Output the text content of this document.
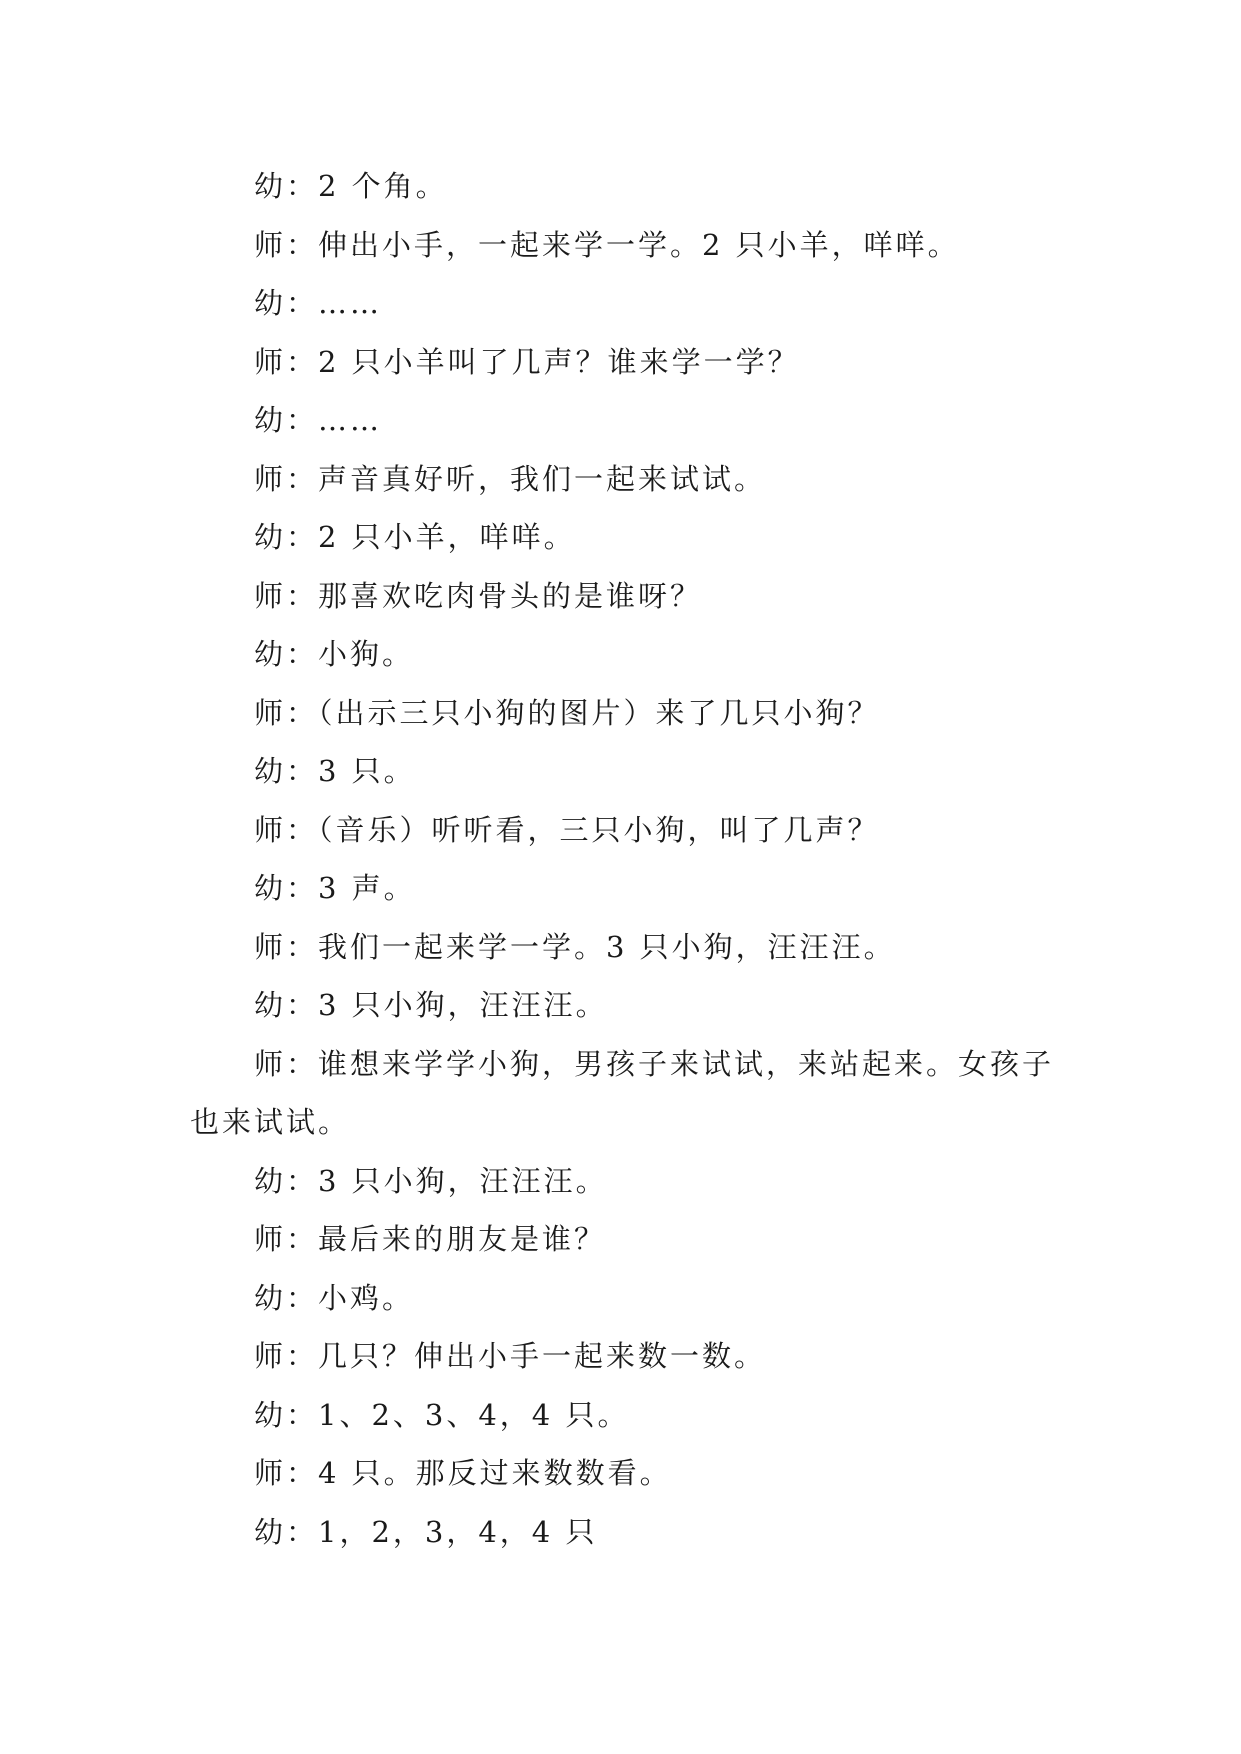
幼：2 个角。

师：伸出小手，一起来学一学。2 只小羊，咩咩。

幼：……

师：2 只小羊叫了几声？谁来学一学？

幼：……

师：声音真好听，我们一起来试试。

幼：2 只小羊，咩咩。

师：那喜欢吃肉骨头的是谁呀？

幼：小狗。

师：（出示三只小狗的图片）来了几只小狗？

幼：3 只。

师：（音乐）听听看，三只小狗，叫了几声？

幼：3 声。

师：我们一起来学一学。3 只小狗，汪汪汪。

幼：3 只小狗，汪汪汪。

师：谁想来学学小狗，男孩子来试试，来站起来。女孩子也来试试。

幼：3 只小狗，汪汪汪。

师：最后来的朋友是谁？

幼：小鸡。

师：几只？伸出小手一起来数一数。

幼：1、2、3、4，4 只。

师：4 只。那反过来数数看。

幼：1，2，3，4，4 只
